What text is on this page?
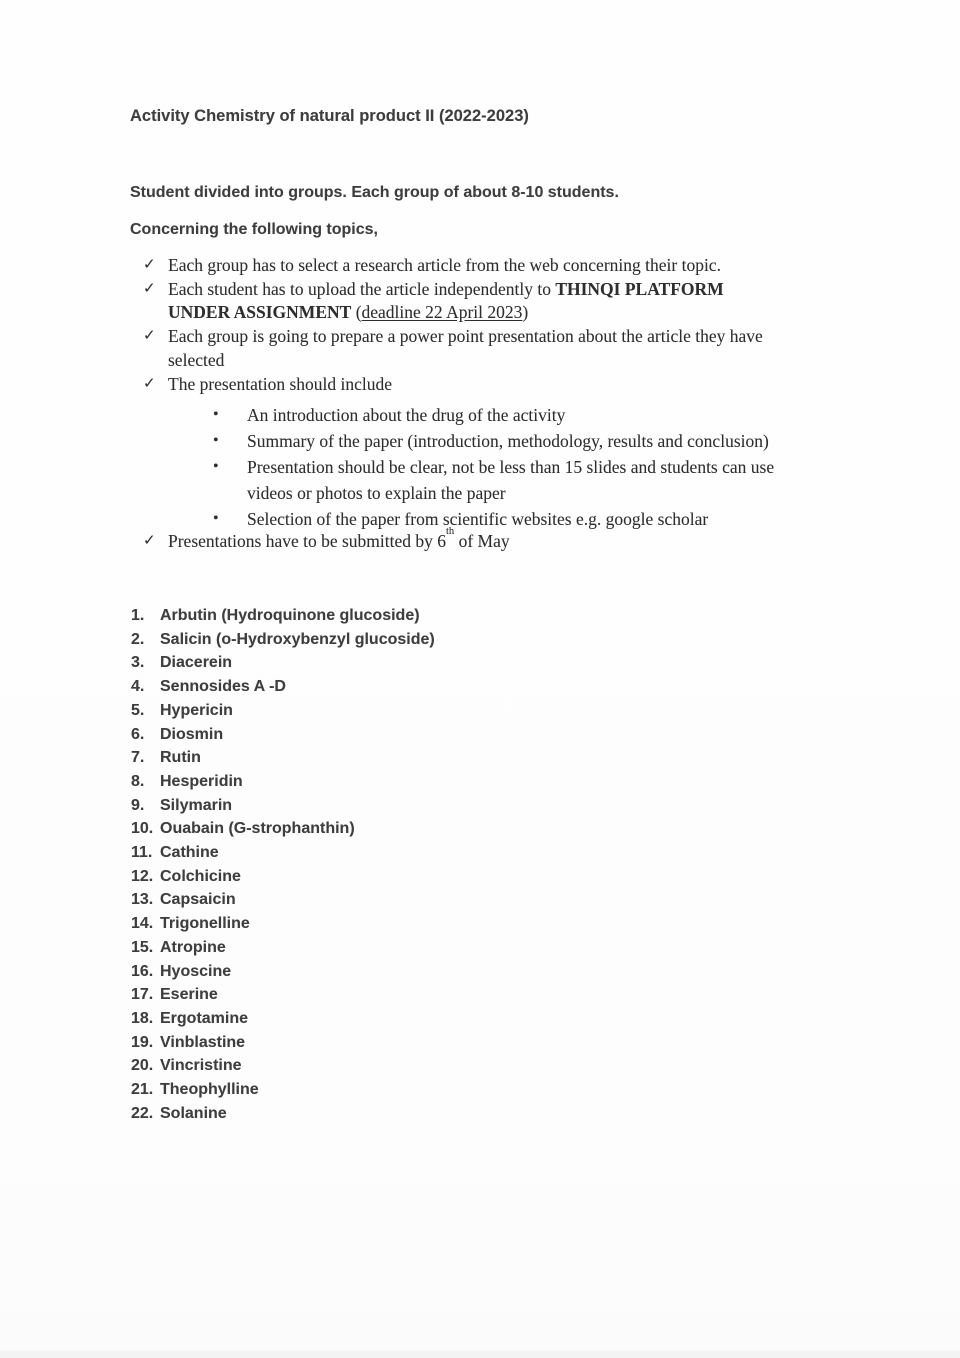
Activity Chemistry of natural product II (2022-2023)
Student divided into groups. Each group of about 8-10 students.
Concerning the following topics,
✓ Each group has to select a research article from the web concerning their topic.
✓ Each student has to upload the article independently to THINQI PLATFORM
UNDER ASSIGNMENT (deadline 22 April 2023)
✓ Each group is going to prepare a power point presentation about the article they have
selected
✓ The presentation should include
•	An introduction about the drug of the activity
•	Summary of the paper (introduction, methodology, results and conclusion)
•	Presentation should be clear, not be less than 15 slides and students can use
videos or photos to explain the paper
•	Selection of the paper from scientific websites e.g. google scholar
✓ Presentations have to be submitted by 6th of May
1. Arbutin (Hydroquinone glucoside)
2. Salicin (o-Hydroxybenzyl glucoside)
3. Diacerein
4. Sennosides A -D
5. Hypericin
6. Diosmin
7. Rutin
8. Hesperidin
9. Silymarin
10. Ouabain (G-strophanthin)
11. Cathine
12. Colchicine
13. Capsaicin
14. Trigonelline
15. Atropine
16. Hyoscine
17. Eserine
18. Ergotamine
19. Vinblastine
20. Vincristine
21. Theophylline
22. Solanine
